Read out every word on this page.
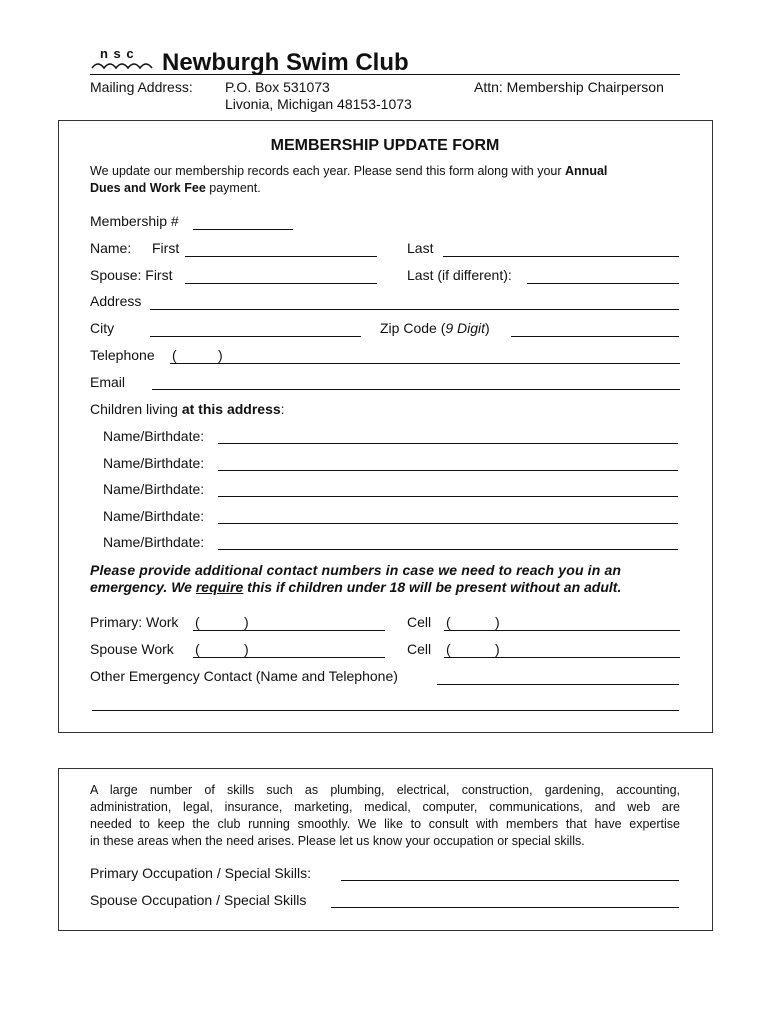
n s c Newburgh Swim Club
Mailing Address: P.O. Box 531073
Livonia, Michigan 48153-1073
Attn: Membership Chairperson
MEMBERSHIP UPDATE FORM
We update our membership records each year. Please send this form along with your Annual
Dues and Work Fee payment.
Membership #
Name: First	Last
Spouse: First	Last (if different):
Address
City	Zip Code (9 Digit)
Telephone (	)
Email
Children living at this address:
Name/Birthdate:
Name/Birthdate:
Name/Birthdate:
Name/Birthdate:
Name/Birthdate:
Please provide additional contact numbers in case we need to reach you in an
emergency. We require this if children under 18 will be present without an adult.
Primary: Work (	)	Cell (	)
Spouse Work (	)	Cell (	)
Other Emergency Contact (Name and Telephone)
A large number of skills such as plumbing, electrical, construction, gardening, accounting,
administration, legal, insurance, marketing, medical, computer, communications, and web are
needed to keep the club running smoothly. We like to consult with members that have expertise
in these areas when the need arises. Please let us know your occupation or special skills.
Primary Occupation / Special Skills:
Spouse Occupation / Special Skills
